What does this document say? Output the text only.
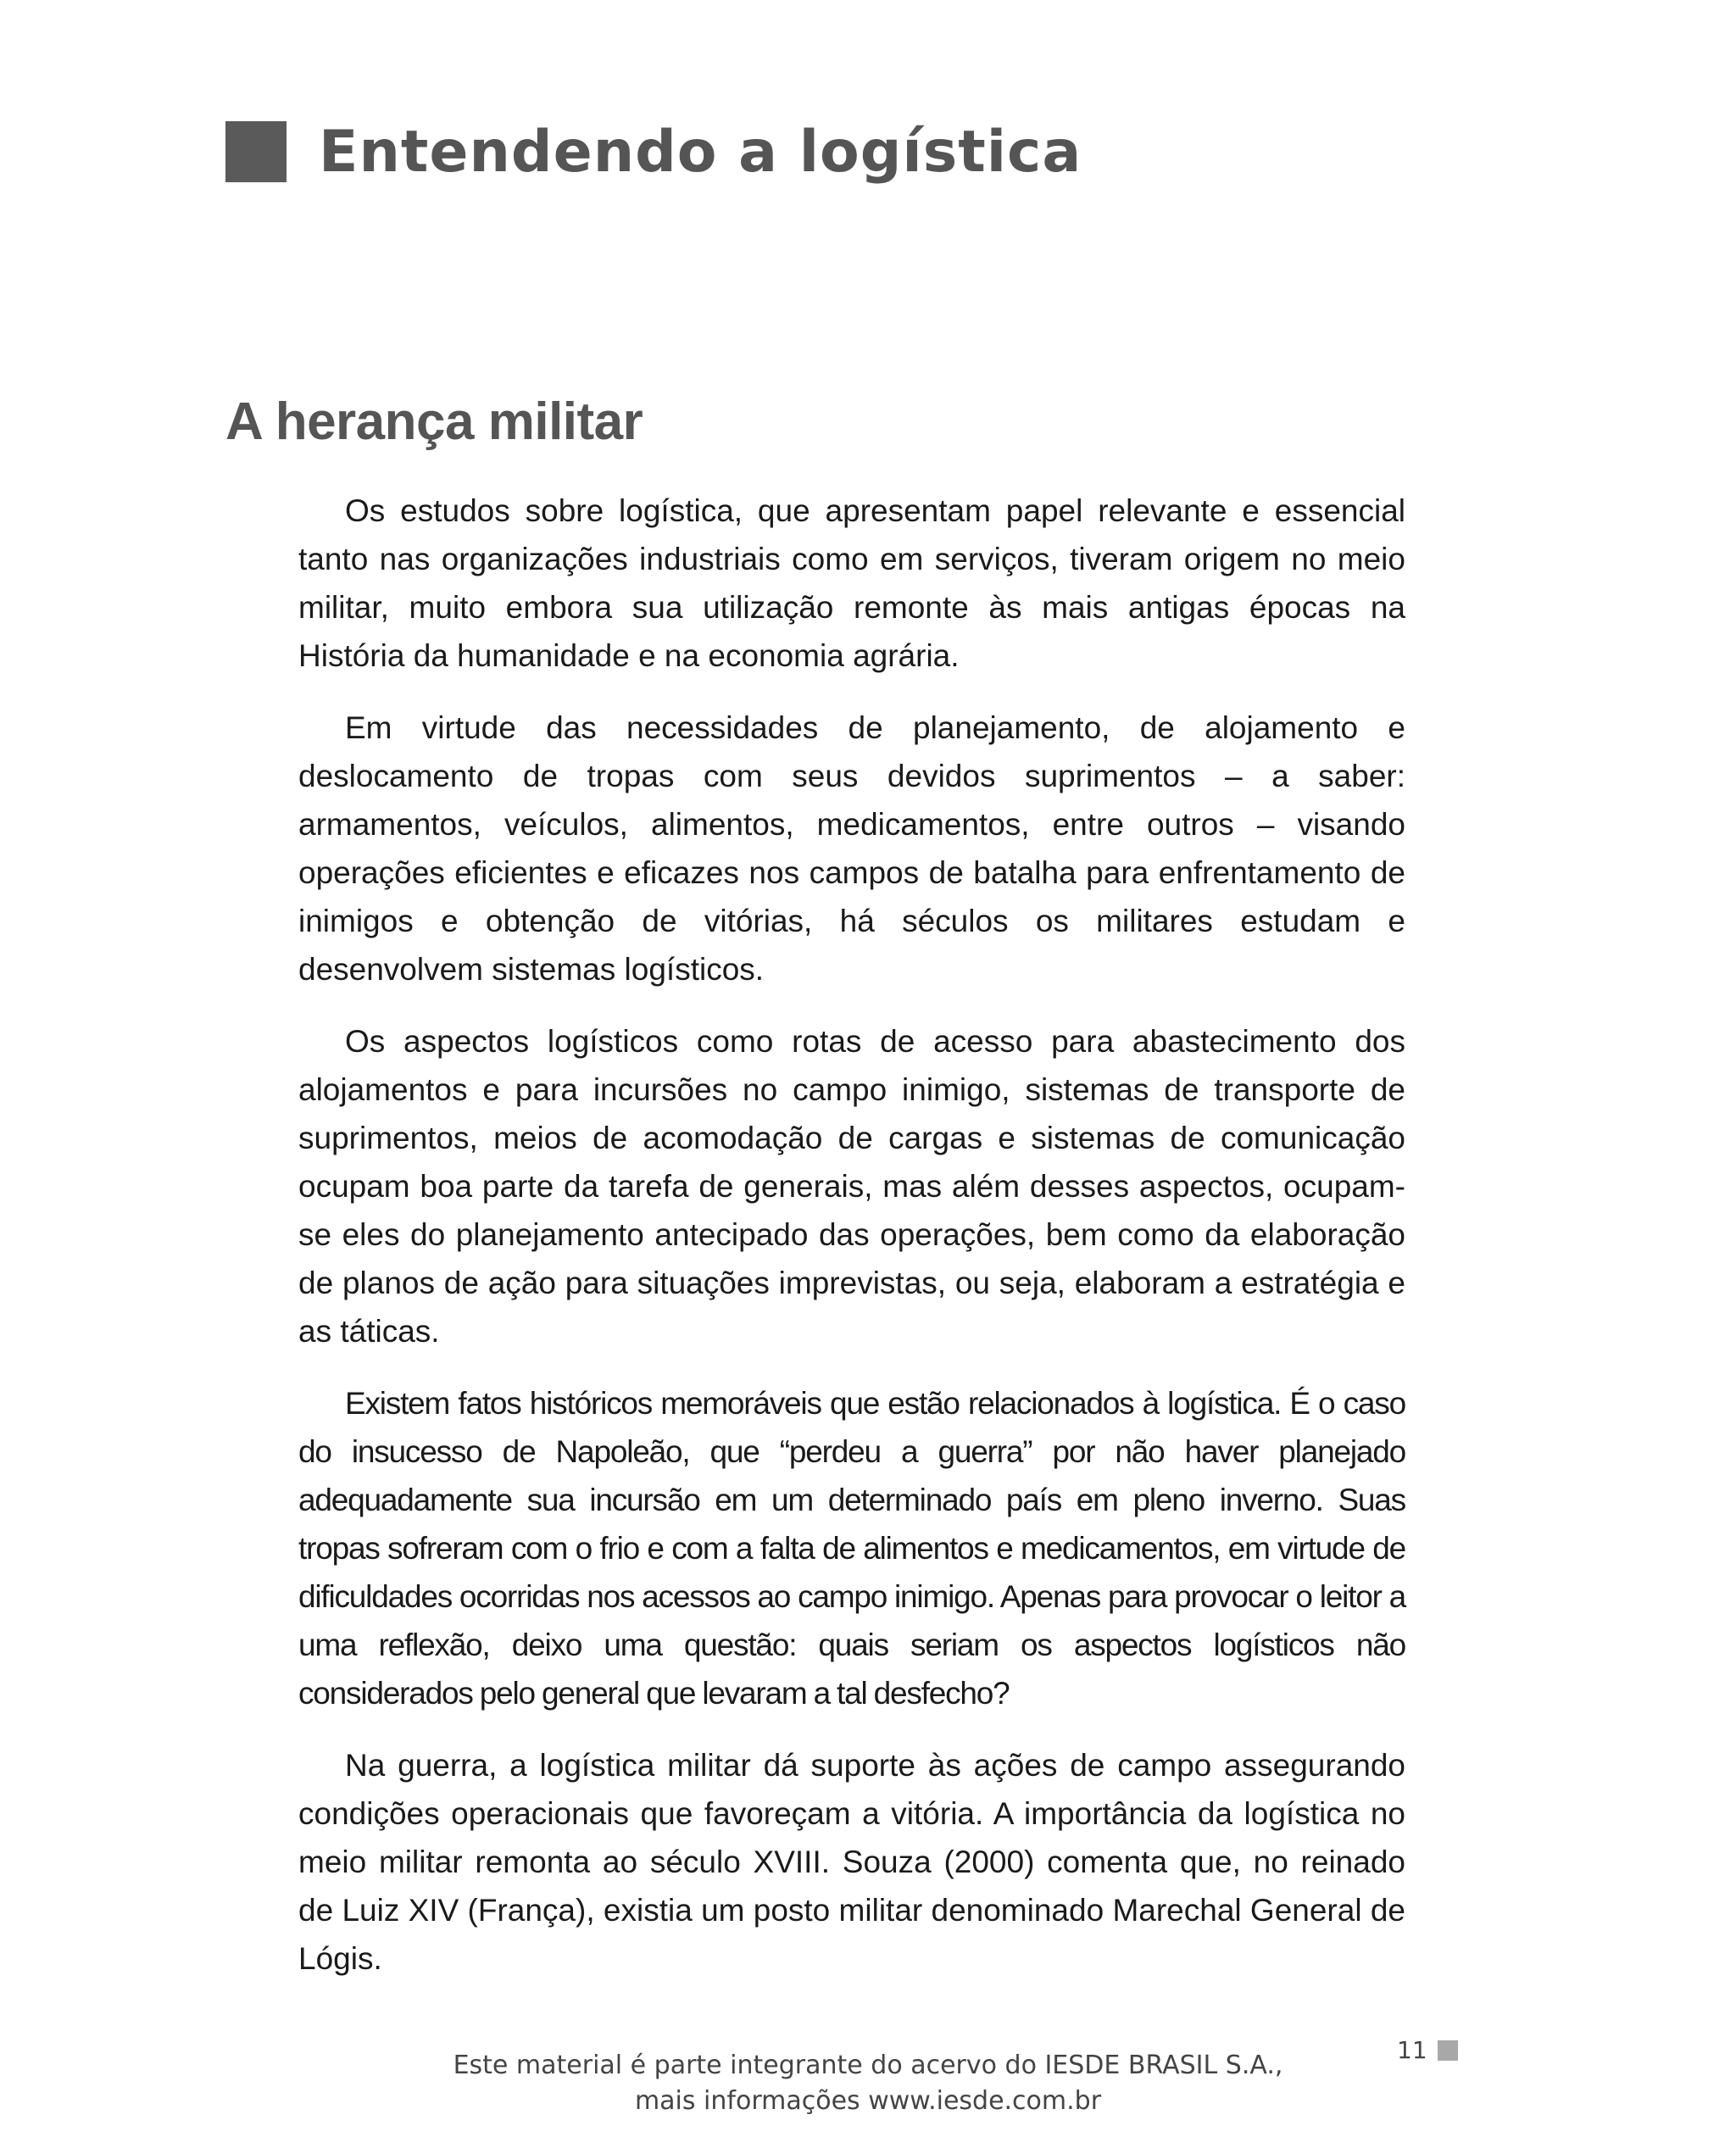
Entendendo a logística
A herança militar

Os estudos sobre logística, que apresentam papel relevante e essencial tanto nas organizações industriais como em serviços, tiveram origem no meio militar, muito embora sua utilização remonte às mais antigas épocas na História da humanidade e na economia agrária.

Em virtude das necessidades de planejamento, de alojamento e deslocamento de tropas com seus devidos suprimentos – a saber: armamentos, veículos, alimentos, medicamentos, entre outros – visando operações eficientes e eficazes nos campos de batalha para enfrentamento de inimigos e obtenção de vitórias, há séculos os militares estudam e desenvolvem sistemas logísticos.

Os aspectos logísticos como rotas de acesso para abastecimento dos alojamentos e para incursões no campo inimigo, sistemas de transporte de suprimentos, meios de acomodação de cargas e sistemas de comunicação ocupam boa parte da tarefa de generais, mas além desses aspectos, ocupam-se eles do planejamento antecipado das operações, bem como da elaboração de planos de ação para situações imprevistas, ou seja, elaboram a estratégia e as táticas.

Existem fatos históricos memoráveis que estão relacionados à logística. É o caso do insucesso de Napoleão, que “perdeu a guerra” por não haver planejado adequadamente sua incursão em um determinado país em pleno inverno. Suas tropas sofreram com o frio e com a falta de alimentos e medicamentos, em virtude de dificuldades ocorridas nos acessos ao campo inimigo. Apenas para provocar o leitor a uma reflexão, deixo uma questão: quais seriam os aspectos logísticos não considerados pelo general que levaram a tal desfecho?

Na guerra, a logística militar dá suporte às ações de campo assegurando condições operacionais que favoreçam a vitória. A importância da logística no meio militar remonta ao século XVIII. Souza (2000) comenta que, no reinado de Luiz XIV (França), existia um posto militar denominado Marechal General de Lógis.

11
Este material é parte integrante do acervo do IESDE BRASIL S.A.,
mais informações www.iesde.com.br
